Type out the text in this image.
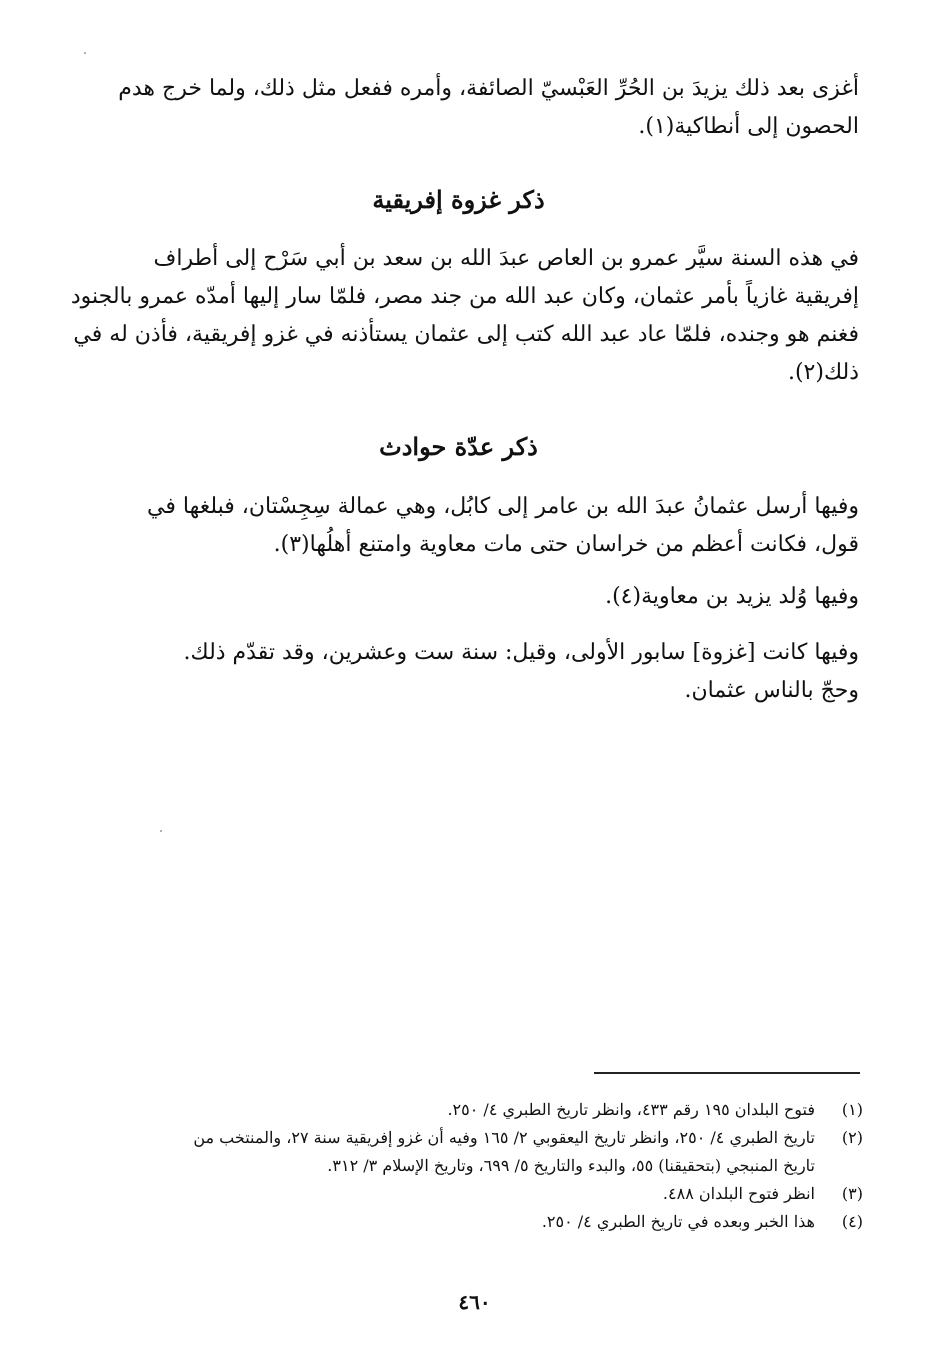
أغزى بعد ذلك يزيدَ بن الحُرِّ العَبْسيّ الصائفة، وأمره ففعل مثل ذلك، ولما خرج هدم

الحصون إلى أنطاكية(١).

ذكر غزوة إفريقية

في هذه السنة سيَّر عمرو بن العاص عبدَ الله بن سعد بن أبي سَرْح إلى أطراف

إفريقية غازياً بأمر عثمان، وكان عبد الله من جند مصر، فلمّا سار إليها أمدّه عمرو بالجنود

فغنم هو وجنده، فلمّا عاد عبد الله كتب إلى عثمان يستأذنه في غزو إفريقية، فأذن له في

ذلك(٢).

ذكر عدّة حوادث

وفيها أرسل عثمانُ عبدَ الله بن عامر إلى كابُل، وهي عمالة سِجِسْتان، فبلغها في

قول، فكانت أعظم من خراسان حتى مات معاوية وامتنع أهلُها(٣).

وفيها وُلد يزيد بن معاوية(٤).

وفيها كانت [غزوة] سابور الأولى، وقيل: سنة ست وعشرين، وقد تقدّم ذلك.

وحجّ بالناس عثمان.

(١)
فتوح البلدان ١٩٥ رقم ٤٣٣، وانظر تاريخ الطبري ٤/ ٢٥٠.
(٢)
تاريخ الطبري ٤/ ٢٥٠، وانظر تاريخ اليعقوبي ٢/ ١٦٥ وفيه أن غزو إفريقية سنة ٢٧، والمنتخب من
تاريخ المنبجي (بتحقيقنا) ٥٥، والبدء والتاريخ ٥/ ٦٩٩، وتاريخ الإسلام ٣/ ٣١٢.
(٣)
انظر فتوح البلدان ٤٨٨.
(٤)
هذا الخبر وبعده في تاريخ الطبري ٤/ ٢٥٠.
٤٦٠
